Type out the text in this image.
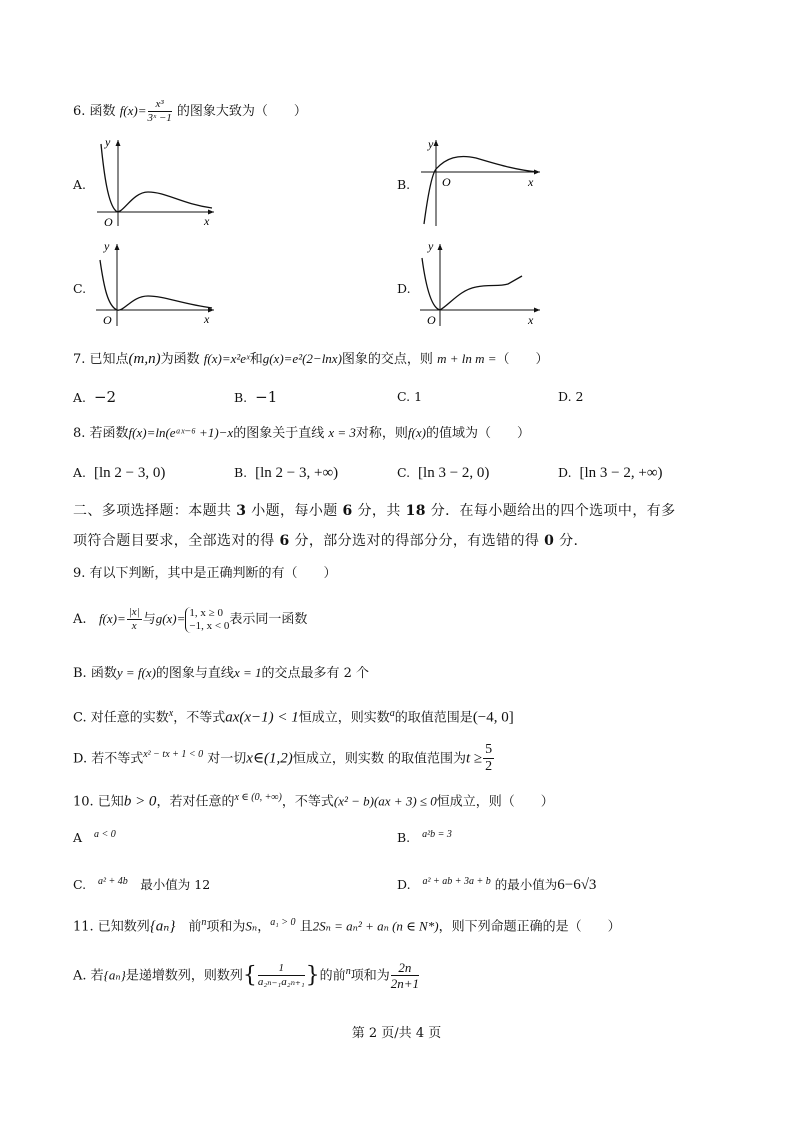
6. 函数 $f(x)= \frac{\text{x³}}{\text{3ˣ −1}}$ 的图象大致为（　　）
A.
y
x
O
B.
y
x
O
C.
y
x
O
D.
y
x
O
7. 已知点(m,n)为函数 f(x)=x²eˣ和g(x)=e²(2−lnx)图象的交点，则 m + ln m =（　　）
A. −2	B. −1	C. 1	D. 2
8. 若函数f(x)=ln(eᵃˣ⁻⁶ +1)−x的图象关于直线 x = 3对称，则f(x)的值域为（　　）
A. [ln 2 − 3, 0)	B. [ln 2 − 3, +∞)	C. [ln 3 − 2, 0)	D. [ln 3 − 2, +∞)
二、多项选择题：本题共 3 小题，每小题 6 分，共 18 分．在每小题给出的四个选项中，有多
项符合题目要求，全部选对的得 6 分，部分选对的得部分分，有选错的得 0 分.
9. 有以下判断，其中是正确判断的有（　　）
A. $f(x)= \frac{|x|}{x}$ 与g(x)= 1, x ≥ 0
−1, x < 0 表示同一函数
B. 函数y = f(x)的图象与直线x = 1的交点最多有 2 个
C. 对任意的实数$^x$，不等式ax(x−1) < 1恒成立，则实数$^a$的取值范围是(−4, 0]
D. 若不等式$^{x^2 - tx + 1 < 0}$ 对一切x∈(1,2)恒成立，则实数 的取值范围为$t \ge \frac{5}{2}$
10. 已知b > 0，若对任意的$^{x \in (0, +\infty)}$，不等式(x² − b)(ax + 3) ≤ 0恒成立，则（　　）
A $^{a < 0}$	B. $^{a^2b = 3}$
C. $^{a^2 + 4b}$　最小值为 12	D. $^{a^2 + ab + 3a + b}$ 的最小值为6−6√3
11. 已知数列{aₙ}　前$^n$项和为Sₙ，$^{a_1 > 0}$ 且2Sₙ = aₙ² + aₙ (n ∈ N*)，则下列命题正确的是（　　）
A. 若{aₙ}是递增数列，则数列{ $\frac{1}{\text{a₂ₙ₋₁a₂ₙ₊₁}}$ }的前$^n$项和为 $\frac{2n}{2n+1}$
第 2 页/共 4 页
